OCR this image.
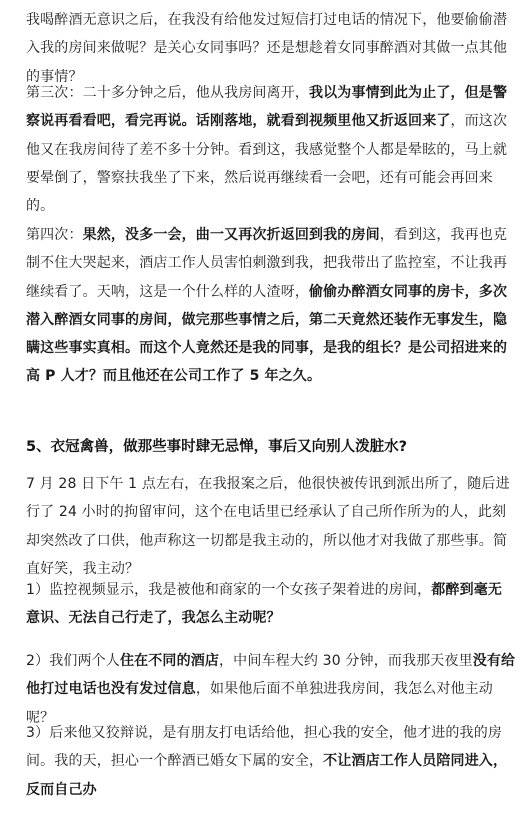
我喝醉酒无意识之后，在我没有给他发过短信打过电话的情况下，他要偷偷潜入我的房间来做呢？是关心女同事吗？还是想趁着女同事醉酒对其做一点其他的事情？
第三次：二十多分钟之后，他从我房间离开，我以为事情到此为止了，但是警察说再看看吧，看完再说。话刚落地，就看到视频里他又折返回来了，而这次他又在我房间待了差不多十分钟。看到这，我感觉整个人都是晕眩的，马上就要晕倒了，警察扶我坐了下来，然后说再继续看一会吧，还有可能会再回来的。
第四次：果然，没多一会，曲一又再次折返回到我的房间，看到这，我再也克制不住大哭起来，酒店工作人员害怕刺激到我，把我带出了监控室，不让我再继续看了。天呐，这是一个什么样的人渣呀，偷偷办醉酒女同事的房卡，多次潜入醉酒女同事的房间，做完那些事情之后，第二天竟然还装作无事发生，隐瞒这些事实真相。而这个人竟然还是我的同事，是我的组长？是公司招进来的高 P 人才？而且他还在公司工作了 5 年之久。
5、衣冠禽兽，做那些事时肆无忌惮，事后又向别人泼脏水?
7 月 28 日下午 1 点左右，在我报案之后，他很快被传讯到派出所了，随后进行了 24 小时的拘留审问，这个在电话里已经承认了自己所作所为的人，此刻却突然改了口供，他声称这一切都是我主动的，所以他才对我做了那些事。简直好笑，我主动？
1）监控视频显示，我是被他和商家的一个女孩子架着进的房间，都醉到毫无意识、无法自己行走了，我怎么主动呢？
2）我们两个人住在不同的酒店，中间车程大约 30 分钟，而我那天夜里没有给他打过电话也没有发过信息，如果他后面不单独进我房间，我怎么对他主动呢？
3）后来他又狡辩说，是有朋友打电话给他，担心我的安全，他才进的我的房间。我的天，担心一个醉酒已婚女下属的安全，不让酒店工作人员陪同进入，反而自己办
